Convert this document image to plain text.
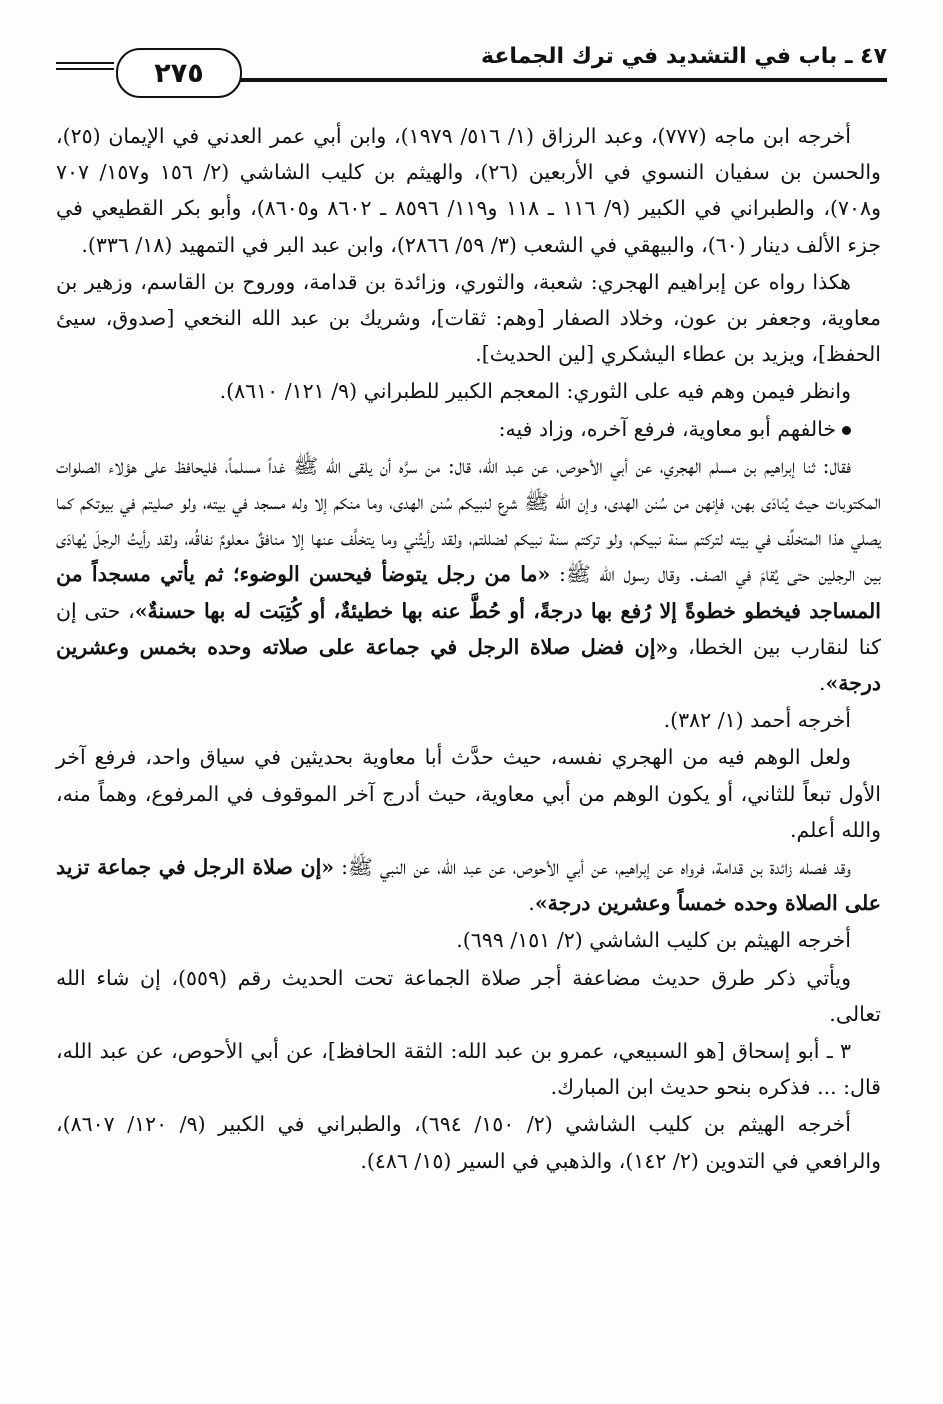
٢٧٥
٤٧ ـ باب في التشديد في ترك الجماعة

أخرجه ابن ماجه (٧٧٧)، وعبد الرزاق (١/ ٥١٦/ ١٩٧٩)، وابن أبي عمر العدني في الإيمان (٢٥)، والحسن بن سفيان النسوي في الأربعين (٢٦)، والهيثم بن كليب الشاشي (٢/ ١٥٦ و١٥٧/ ٧٠٧ و٧٠٨)، والطبراني في الكبير (٩/ ١١٦ ـ ١١٨ و١١٩/ ٨٥٩٦ ـ ٨٦٠٢ و٨٦٠٥)، وأبو بكر القطيعي في جزء الألف دينار (٦٠)، والبيهقي في الشعب (٣/ ٥٩/ ٢٨٦٦)، وابن عبد البر في التمهيد (١٨/ ٣٣٦).

هكذا رواه عن إبراهيم الهجري: شعبة، والثوري، وزائدة بن قدامة، ووروح بن القاسم، وزهير بن معاوية، وجعفر بن عون، وخلاد الصفار [وهم: ثقات]، وشريك بن عبد الله النخعي [صدوق، سيئ الحفظ]، ويزيد بن عطاء اليشكري [لين الحديث].

وانظر فيمن وهم فيه على الثوري: المعجم الكبير للطبراني (٩/ ١٢١/ ٨٦١٠).

خالفهم أبو معاوية، فرفع آخره، وزاد فيه:

فقال: ثنا إبراهيم بن مسلم الهجري، عن أبي الأحوص، عن عبد الله، قال: من سرَّه أن يلقى الله ﷺ غداً مسلماً، فليحافظ على هؤلاء الصلوات المكتوبات حيث يُنادَى بهن، فإنهن من سُنن الهدى، وإن الله ﷺ شرع لنبيكم سُنن الهدى، وما منكم إلا وله مسجد في بيته، ولو صليتم في بيوتكم كما يصلي هذا المتخلِّف في بيته لتركتم سنة نبيكم، ولو تركتم سنة نبيكم لضللتم، ولقد رأيتُني وما يتخلَّف عنها إلا منافقٌ معلومٌ نفاقُه، ولقد رأيتُ الرجلَ يُهادَى بين الرجلين حتى يُقامَ في الصف. وقال رسول الله ﷺ: «ما من رجل يتوضأ فيحسن الوضوء؛ ثم يأتي مسجداً من المساجد فيخطو خطوةً إلا رُفع بها درجةً، أو حُطَّ عنه بها خطيئةٌ، أو كُتِبَت له بها حسنةٌ»، حتى إن كنا لنقارب بين الخطا، و«إن فضل صلاة الرجل في جماعة على صلاته وحده بخمس وعشرين درجة».

أخرجه أحمد (١/ ٣٨٢).

ولعل الوهم فيه من الهجري نفسه، حيث حدَّث أبا معاوية بحديثين في سياق واحد، فرفع آخر الأول تبعاً للثاني، أو يكون الوهم من أبي معاوية، حيث أدرج آخر الموقوف في المرفوع، وهماً منه، والله أعلم.

وقد فصله زائدة بن قدامة، فرواه عن إبراهيم، عن أبي الأحوص، عن عبد الله، عن النبي ﷺ: «إن صلاة الرجل في جماعة تزيد على الصلاة وحده خمساً وعشرين درجة».

أخرجه الهيثم بن كليب الشاشي (٢/ ١٥١/ ٦٩٩).

ويأتي ذكر طرق حديث مضاعفة أجر صلاة الجماعة تحت الحديث رقم (٥٥٩)، إن شاء الله تعالى.

٣ ـ أبو إسحاق [هو السبيعي، عمرو بن عبد الله: الثقة الحافظ]، عن أبي الأحوص، عن عبد الله، قال: ... فذكره بنحو حديث ابن المبارك.

أخرجه الهيثم بن كليب الشاشي (٢/ ١٥٠/ ٦٩٤)، والطبراني في الكبير (٩/ ١٢٠/ ٨٦٠٧)، والرافعي في التدوين (٢/ ١٤٢)، والذهبي في السير (١٥/ ٤٨٦).
